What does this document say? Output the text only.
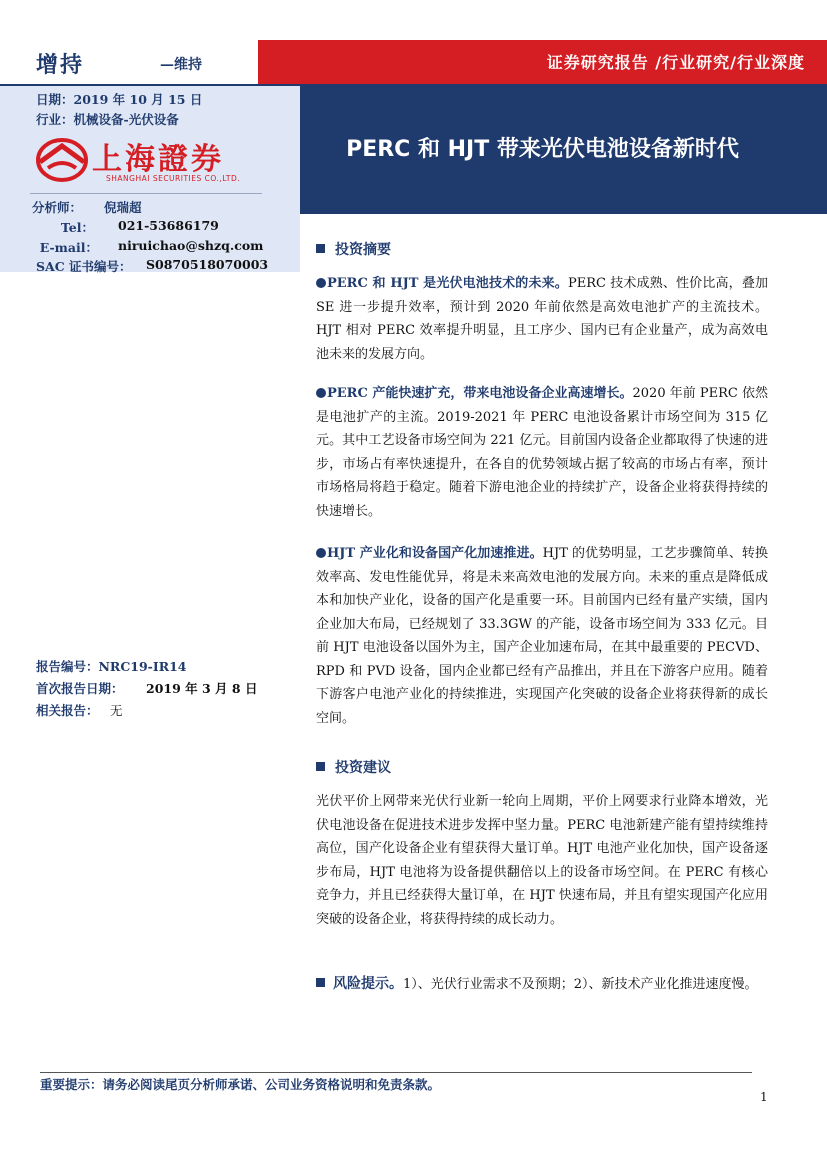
增持	—维持	证券研究报告 /行业研究/行业深度
PERC 和 HJT 带来光伏电池设备新时代
日期：2019 年 10 月 15 日
行业：机械设备-光伏设备
上海證券
SHANGHAI SECURITIES CO.,LTD.
分析师： 倪瑞超
Tel： 021-53686179
E-mail： niruichao@shzq.com
SAC 证书编号： S0870518070003
报告编号：NRC19-IR14
首次报告日期： 2019 年 3 月 8 日
相关报告： 无
投资摘要
PERC 和 HJT 是光伏电池技术的未来。PERC 技术成熟、性价比高，叠加 SE 进一步提升效率，预计到 2020 年前依然是高效电池扩产的主流技术。HJT 相对 PERC 效率提升明显，且工序少、国内已有企业量产，成为高效电池未来的发展方向。
PERC 产能快速扩充，带来电池设备企业高速增长。2020 年前 PERC 依然是电池扩产的主流。2019-2021 年 PERC 电池设备累计市场空间为 315 亿元。其中工艺设备市场空间为 221 亿元。目前国内设备企业都取得了快速的进步，市场占有率快速提升，在各自的优势领域占据了较高的市场占有率，预计市场格局将趋于稳定。随着下游电池企业的持续扩产，设备企业将获得持续的快速增长。
HJT 产业化和设备国产化加速推进。HJT 的优势明显，工艺步骤简单、转换效率高、发电性能优异，将是未来高效电池的发展方向。未来的重点是降低成本和加快产业化，设备的国产化是重要一环。目前国内已经有量产实绩，国内企业加大布局，已经规划了 33.3GW 的产能，设备市场空间为 333 亿元。目前 HJT 电池设备以国外为主，国产企业加速布局，在其中最重要的 PECVD、RPD 和 PVD 设备，国内企业都已经有产品推出，并且在下游客户应用。随着下游客户电池产业化的持续推进，实现国产化突破的设备企业将获得新的成长空间。
投资建议
光伏平价上网带来光伏行业新一轮向上周期，平价上网要求行业降本增效，光伏电池设备在促进技术进步发挥中坚力量。PERC 电池新建产能有望持续维持高位，国产化设备企业有望获得大量订单。HJT 电池产业化加快，国产设备逐步布局，HJT 电池将为设备提供翻倍以上的设备市场空间。在 PERC 有核心竞争力，并且已经获得大量订单，在 HJT 快速布局，并且有望实现国产化应用突破的设备企业，将获得持续的成长动力。
风险提示。1）、光伏行业需求不及预期；2）、新技术产业化推进速度慢。
重要提示：请务必阅读尾页分析师承诺、公司业务资格说明和免责条款。
1
